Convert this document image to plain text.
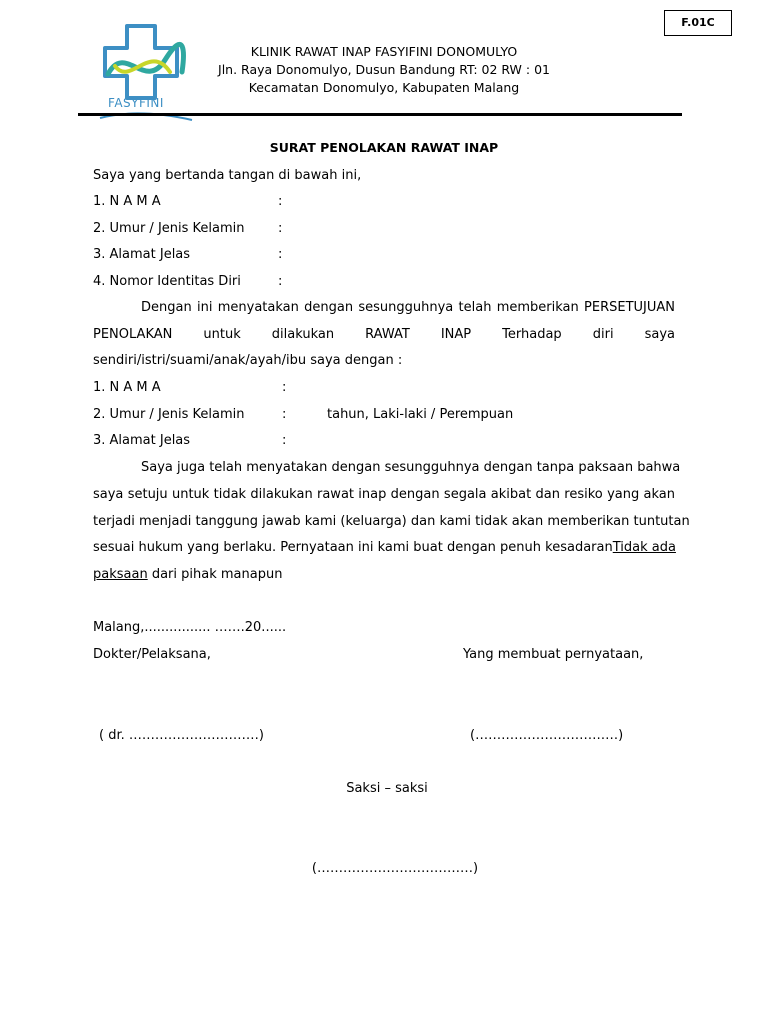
F.01C
FASYFINI
KLINIK RAWAT INAP FASYIFINI DONOMULYO
Jln. Raya Donomulyo, Dusun Bandung RT: 02 RW : 01
Kecamatan Donomulyo, Kabupaten Malang
SURAT PENOLAKAN RAWAT INAP
Saya yang bertanda tangan di bawah ini,
1. N A M A	:
2. Umur / Jenis Kelamin	:
3. Alamat Jelas	:
4. Nomor Identitas Diri	:
Dengan ini menyatakan dengan sesungguhnya telah memberikan PERSETUJUAN
PENOLAKAN untuk dilakukan RAWAT INAP Terhadap diri saya
sendiri/istri/suami/anak/ayah/ibu saya dengan :
1. N A M A	:
2. Umur / Jenis Kelamin	:	tahun, Laki-laki / Perempuan
3. Alamat Jelas	:
Saya juga telah menyatakan dengan sesungguhnya dengan tanpa paksaan bahwa
saya setuju untuk tidak dilakukan rawat inap dengan segala akibat dan resiko yang akan
terjadi menjadi tanggung jawab kami (keluarga) dan kami tidak akan memberikan tuntutan
sesuai hukum yang berlaku. Pernyataan ini kami buat dengan penuh kesadaran Tidak ada
paksaan dari pihak manapun
Malang,................ …….20......
Dokter/Pelaksana,	Yang membuat pernyataan,
( dr. …………………………)	(……………………………)
Saksi – saksi
(………………………………)
